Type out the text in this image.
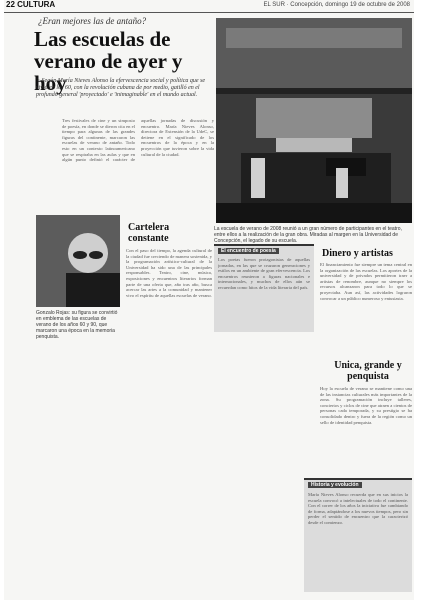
22 CULTURA	EL SUR · Concepción, domingo 19 de octubre de 2008
¿Eran mejores las de antaño?
Las escuelas de verano de ayer y hoy
> Según María Nieves Alonso la efervescencia social y política que se vivió en los 60, con la revolución cubana de por medio, gatilló en el profundo general 'proyectado' e 'inimaginable' en el mundo actual.
Tres festivales de cine y un simposio de poesía, en donde se dieron cita en el tiempo para algunas de las grandes figuras del continente, marcaron las escuelas de verano de antaño. Todo esto en un contexto latinoamericano que se respiraba en las aulas y que en algún punto definió el carácter de aquellas jornadas de discusión y encuentro. María Nieves Alonso, directora de Extensión de la UdeC, se detiene en el significado de los encuentros de la época y en la proyección que tuvieron sobre la vida cultural de la ciudad.
La escuela de verano de 2008 reunió a un gran número de participantes en el teatro, entre ellos a la realización de la gran obra. Miradas al margen en la Universidad de Concepción, el legado de su escuela.
Gonzalo Rojas: su figura se convirtió en emblema de las escuelas de verano de los años 60 y 90, que marcaron una época en la memoria penquista.
Cartelera constante
Con el paso del tiempo, la agenda cultural de la ciudad fue creciendo de manera sostenida, y la programación artístico-cultural de la Universidad ha sido una de las principales responsables. Teatro, cine, música, exposiciones y encuentros literarios forman parte de una oferta que, año tras año, busca acercar las artes a la comunidad y mantener vivo el espíritu de aquellas escuelas de verano.
El encuentro de poesía
Los poetas fueron protagonistas de aquellas jornadas, en las que se cruzaron generaciones y estilos en un ambiente de gran efervescencia. Los encuentros reunieron a figuras nacionales e internacionales, y muchos de ellos aún se recuerdan como hitos de la vida literaria del país.
Dinero y artistas
El financiamiento fue siempre un tema central en la organización de las escuelas. Los aportes de la universidad y de privados permitieron traer a artistas de renombre, aunque no siempre los recursos alcanzaron para todo lo que se proyectaba. Aun así, las actividades lograron convocar a un público numeroso y entusiasta.
Unica, grande y penquista
Hoy la escuela de verano se mantiene como una de las instancias culturales más importantes de la zona. Su programación incluye talleres, conciertos y ciclos de cine que atraen a cientos de personas cada temporada, y su prestigio se ha consolidado dentro y fuera de la región como un sello de identidad penquista.
Historia y evolución
María Nieves Alonso recuerda que en sus inicios la escuela convocó a intelectuales de todo el continente. Con el correr de los años la iniciativa fue cambiando de forma, adaptándose a los nuevos tiempos, pero sin perder el sentido de encuentro que la caracterizó desde el comienzo.
